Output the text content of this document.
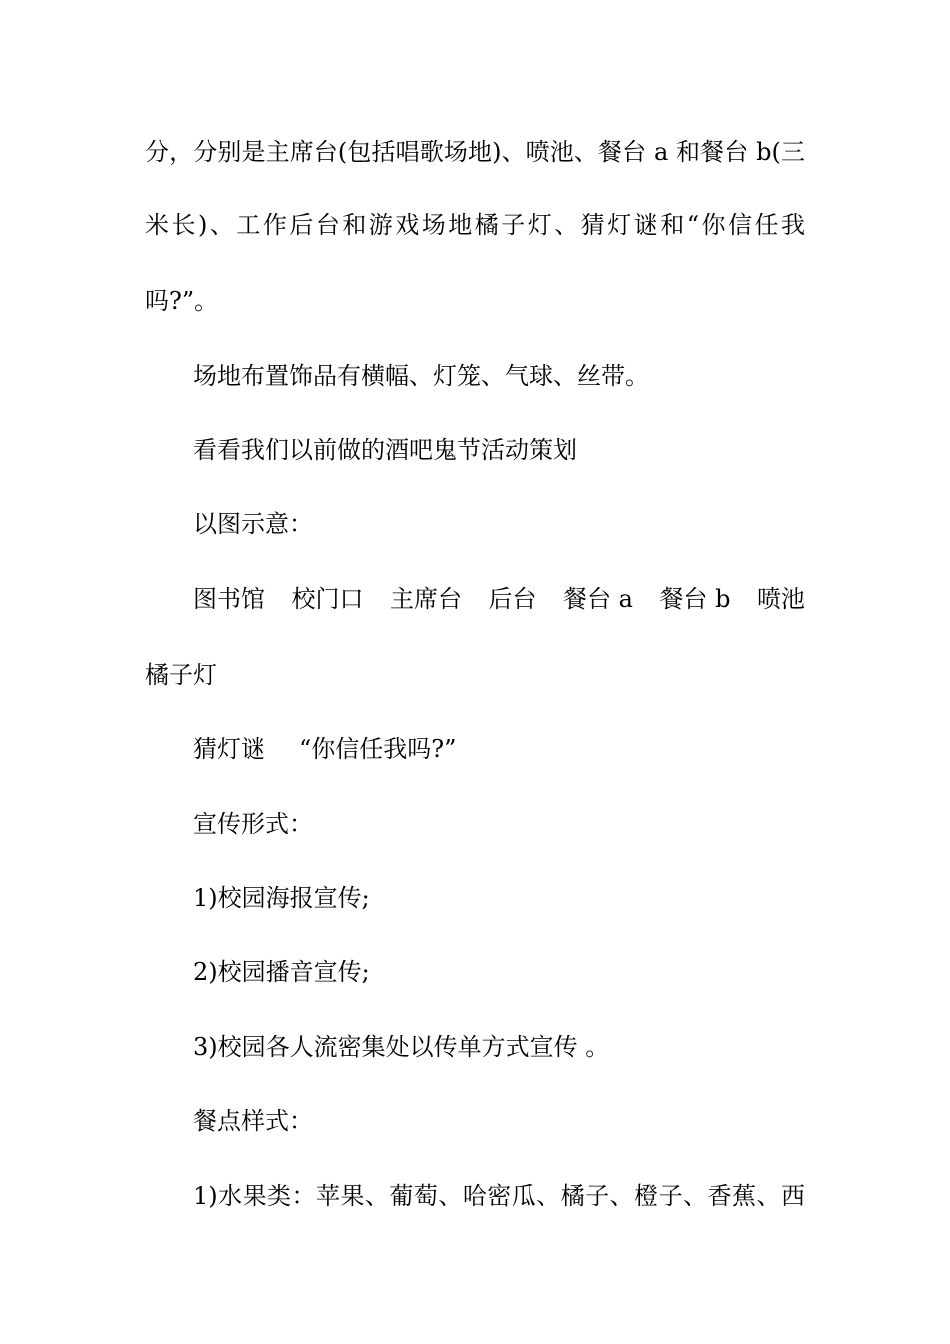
分，分别是主席台(包括唱歌场地)、喷池、餐台 a 和餐台 b(三
米长)、工作后台和游戏场地橘子灯、猜灯谜和“你信任我
吗?”。
场地布置饰品有横幅、灯笼、气球、丝带。
看看我们以前做的酒吧鬼节活动策划
以图示意：
图书馆 校门口 主席台 后台 餐台 a 餐台 b 喷池
橘子灯
猜灯谜 “你信任我吗?”
宣传形式：
1)校园海报宣传;
2)校园播音宣传;
3)校园各人流密集处以传单方式宣传 。
餐点样式：
1)水果类：苹果、葡萄、哈密瓜、橘子、橙子、香蕉、西
